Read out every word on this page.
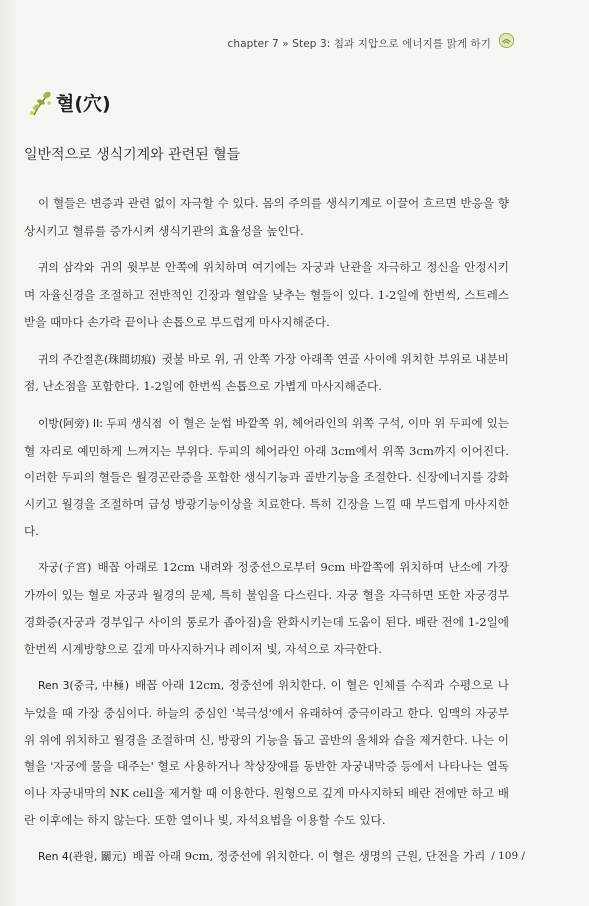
chapter 7 » Step 3: 침과 지압으로 에너지를 맑게 하기
혈(穴)
일반적으로 생식기계와 관련된 혈들

이 혈들은 변증과 관련 없이 자극할 수 있다. 몸의 주의를 생식기계로 이끌어 흐르면 반응을 향상시키고 혈류를 증가시켜 생식기관의 효율성을 높인다.

귀의 삼각와 귀의 윗부분 안쪽에 위치하며 여기에는 자궁과 난관을 자극하고 정신을 안정시키며 자율신경을 조절하고 전반적인 긴장과 혈압을 낮추는 혈들이 있다. 1-2일에 한번씩, 스트레스 받을 때마다 손가락 끝이나 손톱으로 부드럽게 마사지해준다.

귀의 주간절흔(珠間切痕) 귓불 바로 위, 귀 안쪽 가장 아래쪽 연골 사이에 위치한 부위로 내분비점, 난소점을 포함한다. 1-2일에 한번씩 손톱으로 가볍게 마사지해준다.

이방(阿旁) II: 두피 생식점 이 혈은 눈썹 바깥쪽 위, 헤어라인의 위쪽 구석, 이마 위 두피에 있는 혈 자리로 예민하게 느껴지는 부위다. 두피의 헤어라인 아래 3cm에서 위쪽 3cm까지 이어진다. 이러한 두피의 혈들은 월경곤란증을 포함한 생식기능과 골반기능을 조절한다. 신장에너지를 강화시키고 월경을 조절하며 급성 방광기능이상을 치료한다. 특히 긴장을 느낄 때 부드럽게 마사지한다.

자궁(子宮) 배꼽 아래로 12cm 내려와 정중선으로부터 9cm 바깥쪽에 위치하며 난소에 가장 가까이 있는 혈로 자궁과 월경의 문제, 특히 불임을 다스린다. 자궁 혈을 자극하면 또한 자궁경부경화증(자궁과 경부입구 사이의 통로가 좁아짐)을 완화시키는데 도움이 된다. 배란 전에 1-2일에 한번씩 시계방향으로 깊게 마사지하거나 레이저 빛, 자석으로 자극한다.

Ren 3(중극, 中極) 배꼽 아래 12cm, 정중선에 위치한다. 이 혈은 인체를 수직과 수평으로 나누었을 때 가장 중심이다. 하늘의 중심인 '북극성'에서 유래하여 중극이라고 한다. 임맥의 자궁부위 위에 위치하고 월경을 조절하며 신, 방광의 기능을 돕고 골반의 울체와 습을 제거한다. 나는 이 혈을 '자궁에 물을 대주는' 혈로 사용하거나 착상장애를 동반한 자궁내막증 등에서 나타나는 열독이나 자궁내막의 NK cell을 제거할 때 이용한다. 원형으로 깊게 마사지하되 배란 전에만 하고 배란 이후에는 하지 않는다. 또한 열이나 빛, 자석요법을 이용할 수도 있다.

Ren 4(관원, 關元) 배꼽 아래 9cm, 정중선에 위치한다. 이 혈은 생명의 근원, 단전을 가리 / 109 /
